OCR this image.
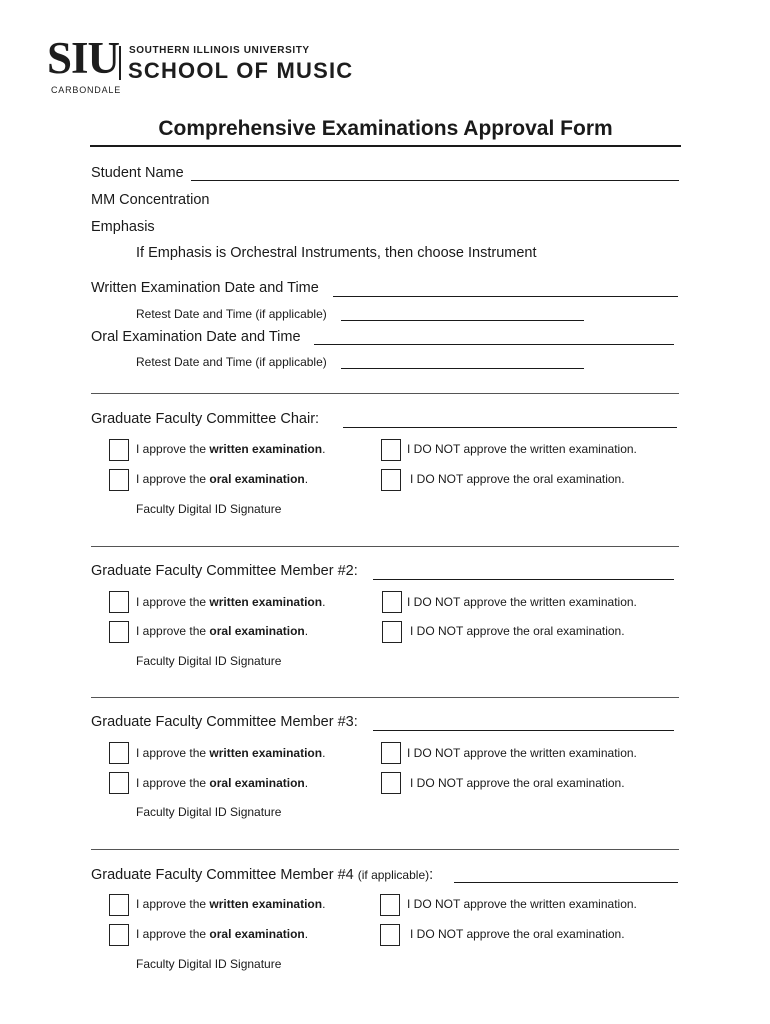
SIU SOUTHERN ILLINOIS UNIVERSITY
SCHOOL OF MUSIC
CARBONDALE
Comprehensive Examinations Approval Form
Student Name
MM Concentration
Emphasis
If Emphasis is Orchestral Instruments, then choose Instrument
Written Examination Date and Time
Retest Date and Time (if applicable)
Oral Examination Date and Time
Retest Date and Time (if applicable)
Graduate Faculty Committee Chair:
I approve the written examination.	I DO NOT approve the written examination.
I approve the oral examination.	I DO NOT approve the oral examination.
Faculty Digital ID Signature
Graduate Faculty Committee Member #2:
I approve the written examination.	I DO NOT approve the written examination.
I approve the oral examination.	I DO NOT approve the oral examination.
Faculty Digital ID Signature
Graduate Faculty Committee Member #3:
I approve the written examination.	I DO NOT approve the written examination.
I approve the oral examination.	I DO NOT approve the oral examination.
Faculty Digital ID Signature
Graduate Faculty Committee Member #4 (if applicable):
I approve the written examination.	I DO NOT approve the written examination.
I approve the oral examination.	I DO NOT approve the oral examination.
Faculty Digital ID Signature
